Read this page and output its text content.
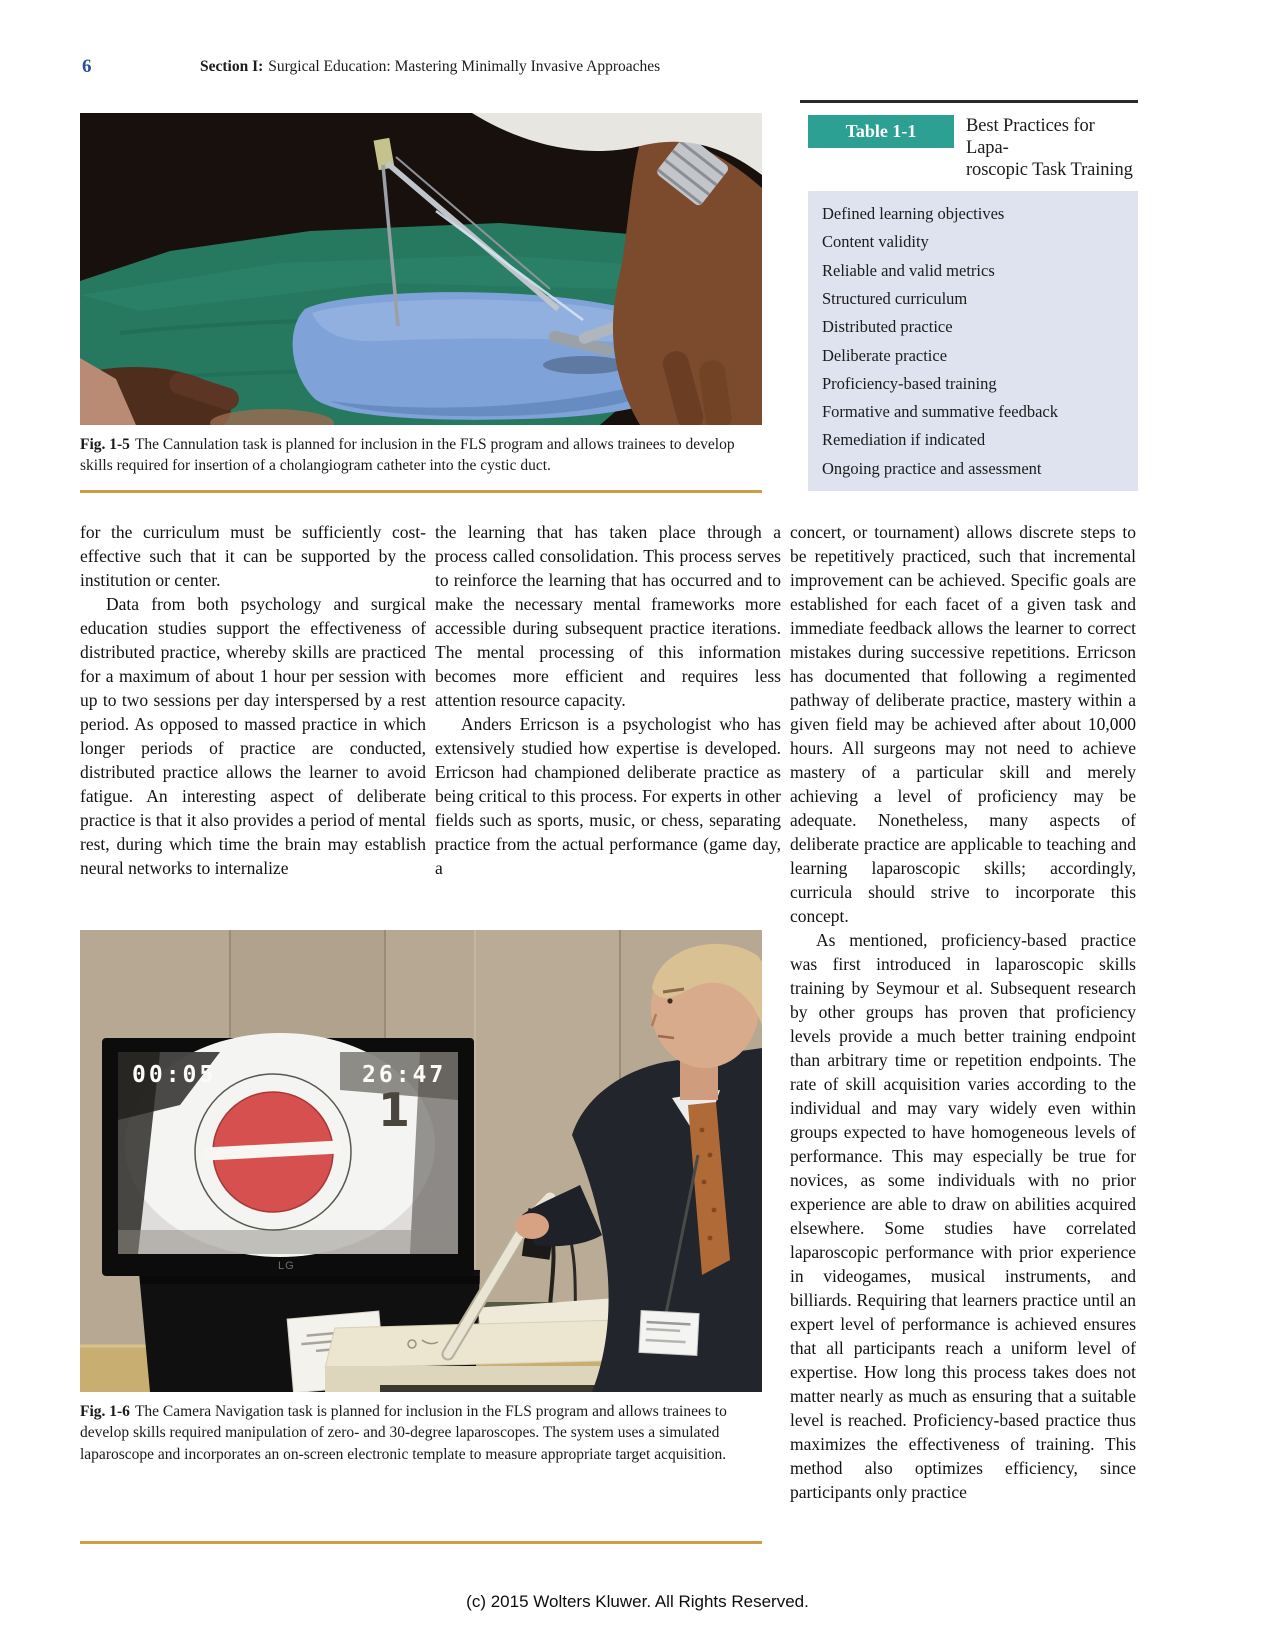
6	Section I: Surgical Education: Mastering Minimally Invasive Approaches
Fig. 1-5 The Cannulation task is planned for inclusion in the FLS program and allows trainees to develop skills required for insertion of a cholangiogram catheter into the cystic duct.
Table 1-1	Best Practices for Lapa-
roscopic Task Training
Defined learning objectives
Content validity
Reliable and valid metrics
Structured curriculum
Distributed practice
Deliberate practice
Proficiency-based training
Formative and summative feedback
Remediation if indicated
Ongoing practice and assessment

for the curriculum must be sufficiently cost-effective such that it can be supported by the institution or center.

Data from both psychology and surgical education studies support the effectiveness of distributed practice, whereby skills are practiced for a maximum of about 1 hour per session with up to two sessions per day interspersed by a rest period. As opposed to massed practice in which longer periods of practice are conducted, distributed practice allows the learner to avoid fatigue. An interesting aspect of deliberate practice is that it also provides a period of mental rest, during which time the brain may establish neural networks to internalize

the learning that has taken place through a process called consolidation. This process serves to reinforce the learning that has occurred and to make the necessary mental frameworks more accessible during subsequent practice iterations. The mental processing of this information becomes more efficient and requires less attention resource capacity.

Anders Erricson is a psychologist who has extensively studied how expertise is developed. Erricson had championed deliberate practice as being critical to this process. For experts in other fields such as sports, music, or chess, separating practice from the actual performance (game day, a

concert, or tournament) allows discrete steps to be repetitively practiced, such that incremental improvement can be achieved. Specific goals are established for each facet of a given task and immediate feedback allows the learner to correct mistakes during successive repetitions. Erricson has documented that following a regimented pathway of deliberate practice, mastery within a given field may be achieved after about 10,000 hours. All surgeons may not need to achieve mastery of a particular skill and merely achieving a level of proficiency may be adequate. Nonetheless, many aspects of deliberate practice are applicable to teaching and learning laparoscopic skills; accordingly, curricula should strive to incorporate this concept.

As mentioned, proficiency-based practice was first introduced in laparoscopic skills training by Seymour et al. Subsequent research by other groups has proven that proficiency levels provide a much better training endpoint than arbitrary time or repetition endpoints. The rate of skill acquisition varies according to the individual and may vary widely even within groups expected to have homogeneous levels of performance. This may especially be true for novices, as some individuals with no prior experience are able to draw on abilities acquired elsewhere. Some studies have correlated laparoscopic performance with prior experience in videogames, musical instruments, and billiards. Requiring that learners practice until an expert level of performance is achieved ensures that all participants reach a uniform level of expertise. How long this process takes does not matter nearly as much as ensuring that a suitable level is reached. Proficiency-based practice thus maximizes the effectiveness of training. This method also optimizes efficiency, since participants only practice

1
00:05	26:47
LG
Fig. 1-6 The Camera Navigation task is planned for inclusion in the FLS program and allows trainees to develop skills required manipulation of zero- and 30-degree laparoscopes. The system uses a simulated laparoscope and incorporates an on-screen electronic template to measure appropriate target acquisition.
(c) 2015 Wolters Kluwer. All Rights Reserved.
